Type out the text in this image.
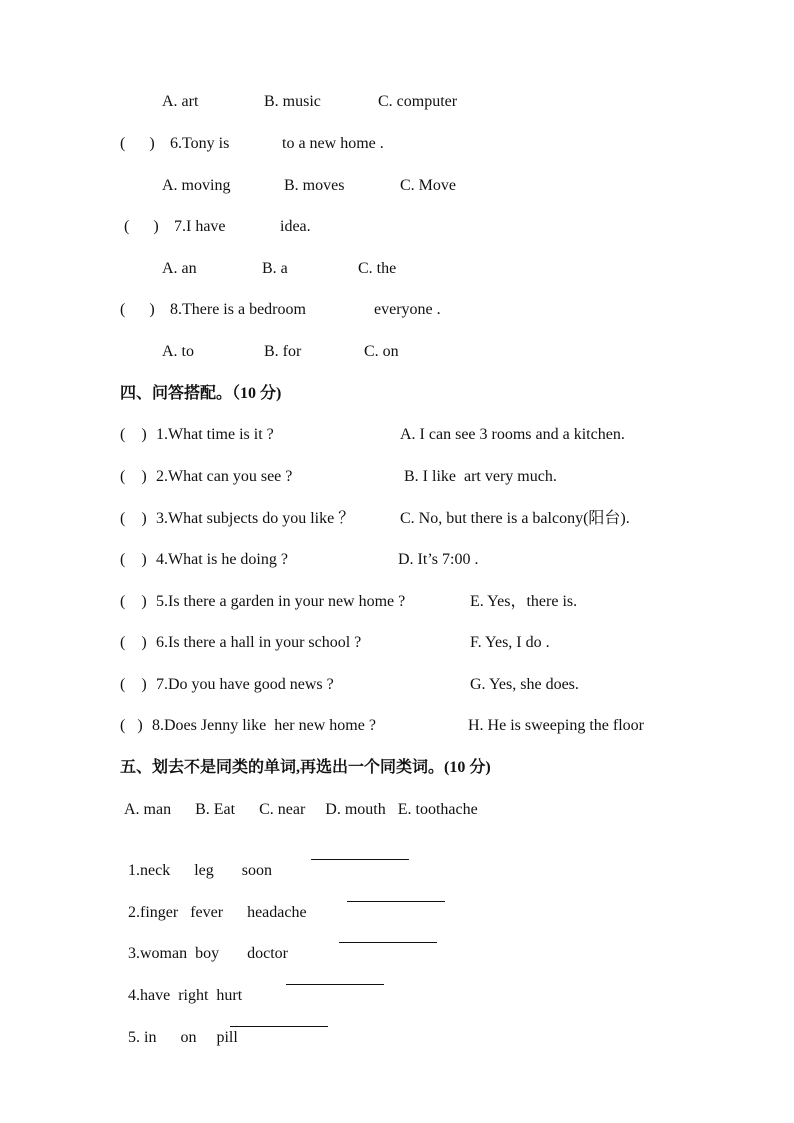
A. art	B. music	C. computer
(      ) 6.Tony is	to a new home .
A. moving	B. moves	C. Move
(      ) 7.I have	idea.
A. an	B. a	C. the
(      ) 8.There is a bedroom	everyone .
A. to	B. for	C. on
四、问答搭配。（10 分)
(    ) 1.What time is it ?	A. I can see 3 rooms and a kitchen.
(    ) 2.What can you see ?	B. I like  art very much.
(    ) 3.What subjects do you like ？	C. No, but there is a balcony(阳台).
(    ) 4.What is he doing ?	D. It’s 7:00 .
(    ) 5.Is there a garden in your new home ?	E. Yes，there is.
(    ) 6.Is there a hall in your school ?	F. Yes, I do .
(    ) 7.Do you have good news ?	G. Yes, she does.
(   ) 8.Does Jenny like  her new home ?	H. He is sweeping the floor
五、划去不是同类的单词,再选出一个同类词。(10 分)
A. man      B. Eat      C. near     D. mouth   E. toothache

1.neck      leg       soon

2.finger   fever      headache

3.woman  boy       doctor

4.have  right  hurt

5. in      on     pill
